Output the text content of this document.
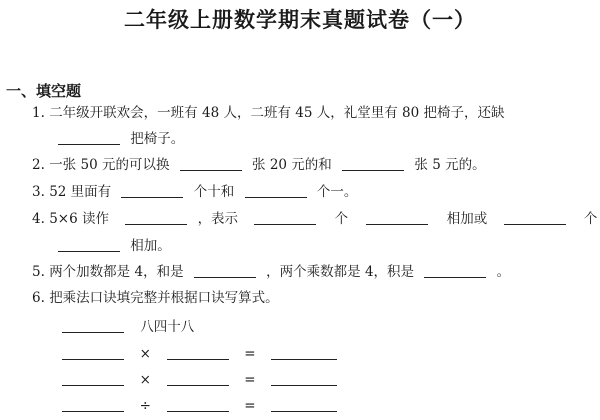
二年级上册数学期末真题试卷（一）
一、填空题
1. 二年级开联欢会，一班有 48 人，二班有 45 人，礼堂里有 80 把椅子，还缺
把椅子。
2. 一张 50 元的可以换	张 20 元的和	张 5 元的。
3. 52 里面有	个十和	个一。
4. 5×6 读作	，表示	个	相加或	个
相加。
5. 两个加数都是 4，和是	，两个乘数都是 4，积是	。
6. 把乘法口诀填完整并根据口诀写算式。
八四十八
×	=
×	=
÷	=
